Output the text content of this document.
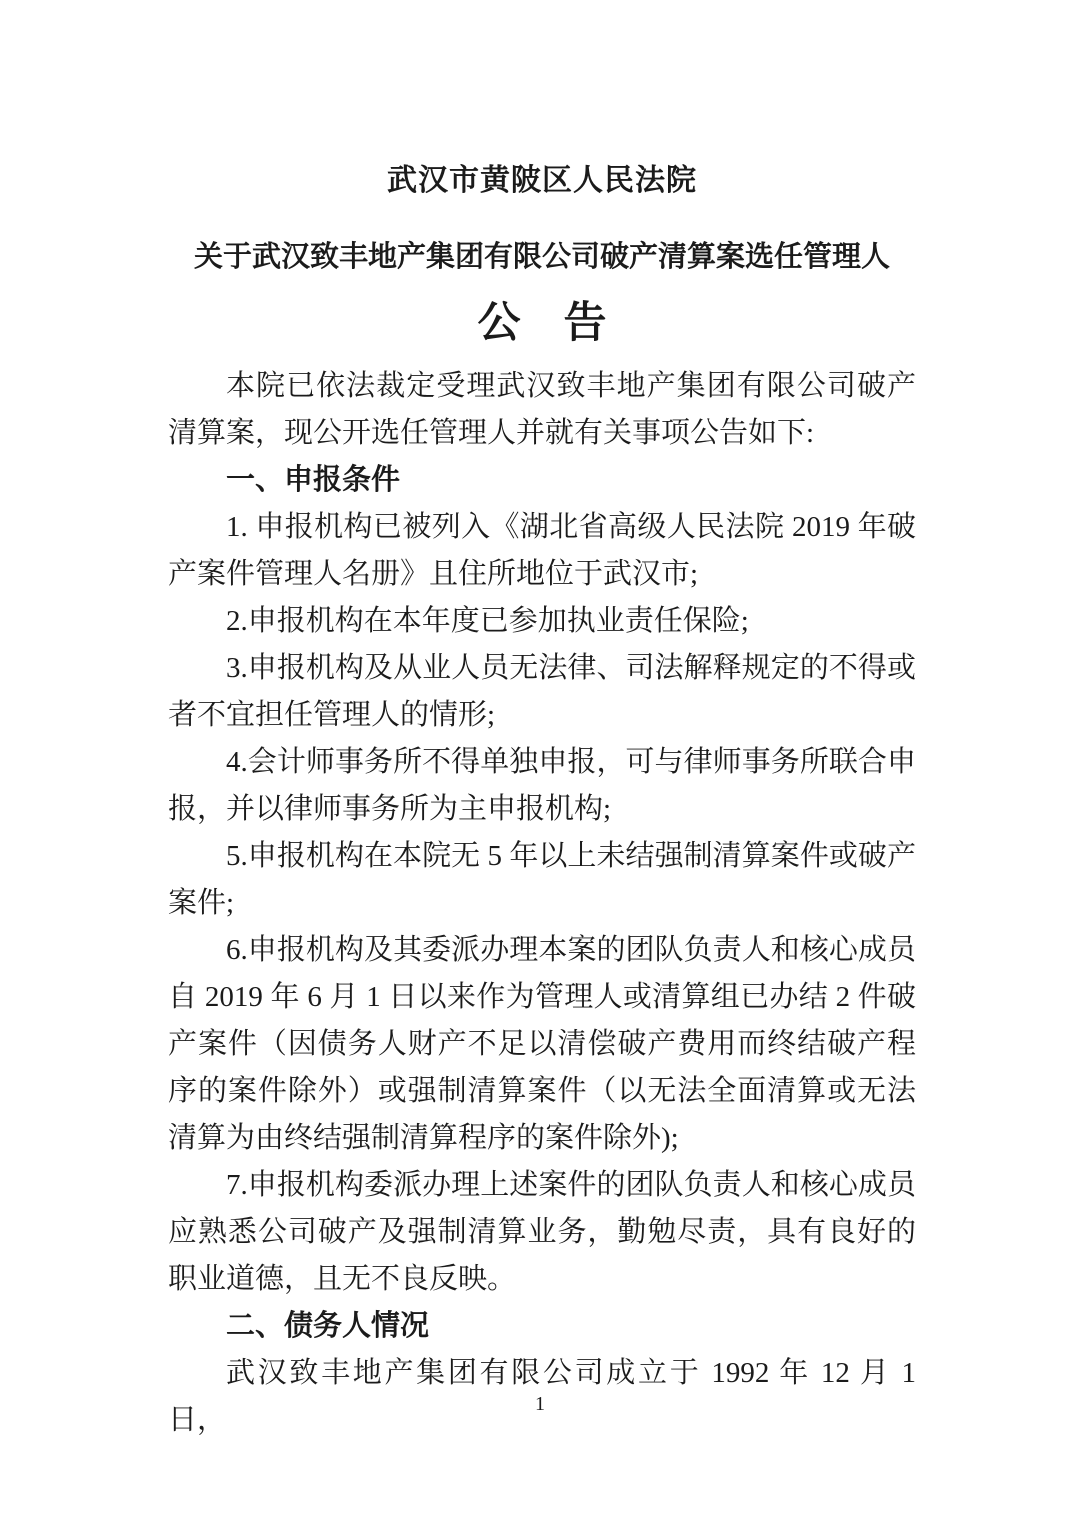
武汉市黄陂区人民法院
关于武汉致丰地产集团有限公司破产清算案选任管理人
公　告

本院已依法裁定受理武汉致丰地产集团有限公司破产清算案，现公开选任管理人并就有关事项公告如下:

一、申报条件

1. 申报机构已被列入《湖北省高级人民法院 2019 年破产案件管理人名册》且住所地位于武汉市;

2.申报机构在本年度已参加执业责任保险;

3.申报机构及从业人员无法律、司法解释规定的不得或者不宜担任管理人的情形;

4.会计师事务所不得单独申报，可与律师事务所联合申报，并以律师事务所为主申报机构;

5.申报机构在本院无 5 年以上未结强制清算案件或破产案件;

6.申报机构及其委派办理本案的团队负责人和核心成员自 2019 年 6 月 1 日以来作为管理人或清算组已办结 2 件破产案件（因债务人财产不足以清偿破产费用而终结破产程序的案件除外）或强制清算案件（以无法全面清算或无法清算为由终结强制清算程序的案件除外);

7.申报机构委派办理上述案件的团队负责人和核心成员应熟悉公司破产及强制清算业务，勤勉尽责，具有良好的职业道德，且无不良反映。

二、债务人情况

武汉致丰地产集团有限公司成立于 1992 年 12 月 1 日，	1
